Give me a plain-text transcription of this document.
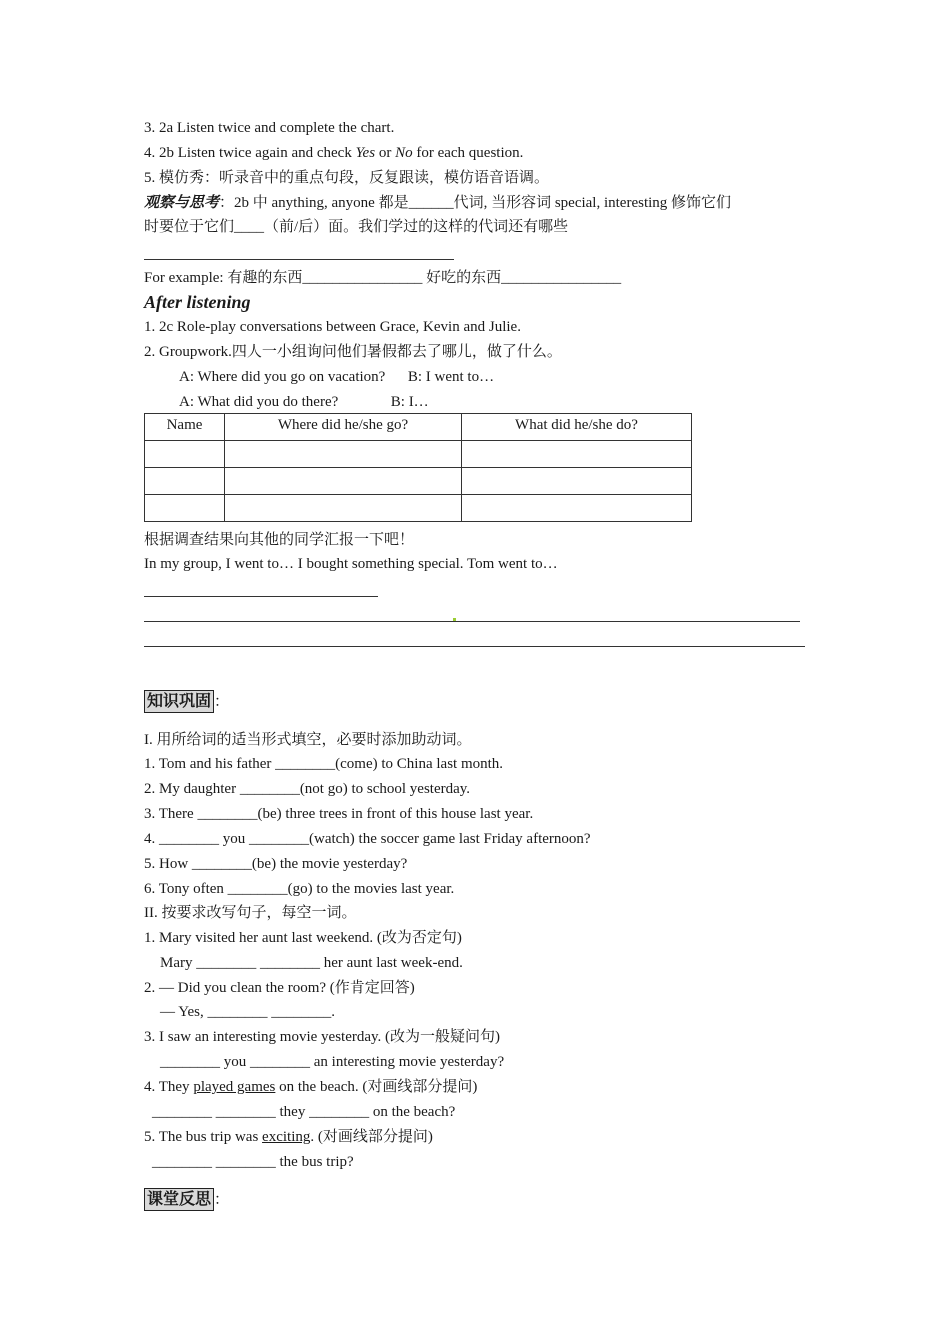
3. 2a Listen twice and complete the chart.
4. 2b Listen twice again and check Yes or No for each question.
5. 模仿秀：听录音中的重点句段，反复跟读，模仿语音语调。
观察与思考：2b 中 anything, anyone 都是______代词, 当形容词 special, interesting 修饰它们
时要位于它们____（前/后）面。我们学过的这样的代词还有哪些
For example: 有趣的东西________________ 好吃的东西________________
After listening
1. 2c Role-play conversations between Grace, Kevin and Julie.
2. Groupwork.四人一小组询问他们暑假都去了哪儿，做了什么。
A: Where did you go on vacation?      B: I went to…
A: What did you do there?              B: I…
Name	Where did he/she go?	What did he/she do?

根据调查结果向其他的同学汇报一下吧！
In my group, I went to… I bought something special. Tom went to…
知识巩固 ：
I. 用所给词的适当形式填空，必要时添加助动词。
1. Tom and his father ________(come) to China last month.
2. My daughter ________(not go) to school yesterday.
3. There ________(be) three trees in front of this house last year.
4. ________ you ________(watch) the soccer game last Friday afternoon?
5. How ________(be) the movie yesterday?
6. Tony often ________(go) to the movies last year.
II. 按要求改写句子，每空一词。
1. Mary visited her aunt last weekend. (改为否定句)
Mary ________ ________ her aunt last week-end.
2. — Did you clean the room? (作肯定回答)
— Yes, ________ ________.
3. I saw an interesting movie yesterday. (改为一般疑问句)
________ you ________ an interesting movie yesterday?
4. They played games on the beach. (对画线部分提问)
________ ________ they ________ on the beach?
5. The bus trip was exciting. (对画线部分提问)
________ ________ the bus trip?
课堂反思 ：
